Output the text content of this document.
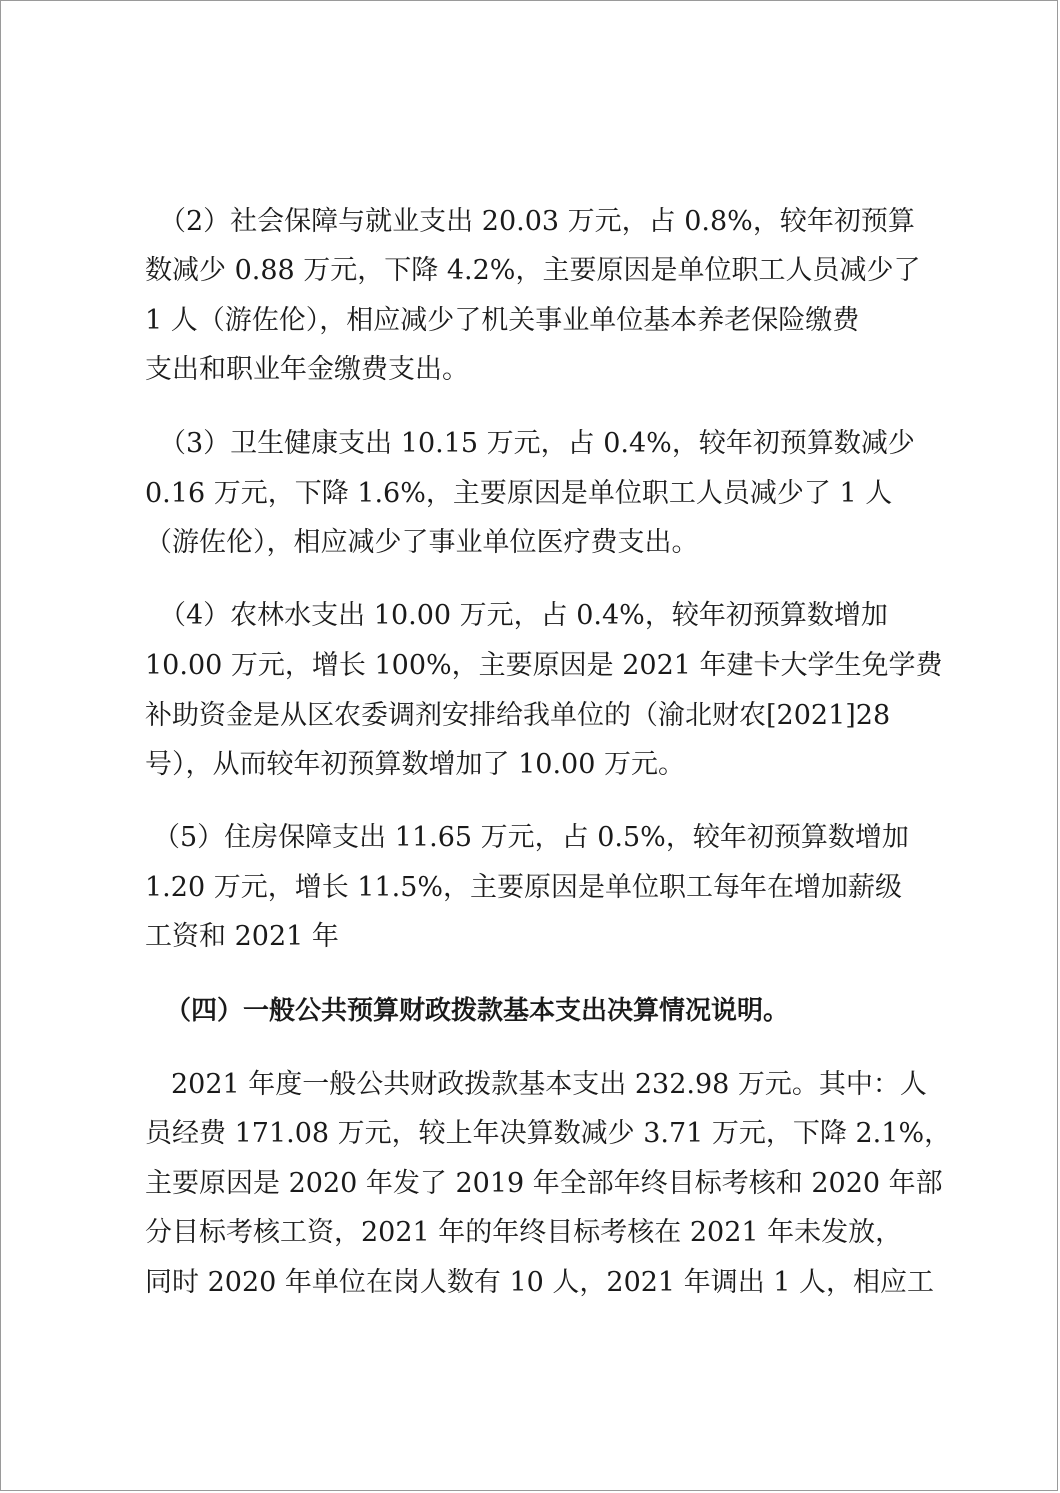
（2）社会保障与就业支出 20.03 万元，占 0.8%，较年初预算
数减少 0.88 万元，下降 4.2%，主要原因是单位职工人员减少了
1 人（游佐伦），相应减少了机关事业单位基本养老保险缴费
支出和职业年金缴费支出。
（3）卫生健康支出 10.15 万元，占 0.4%，较年初预算数减少
0.16 万元，下降 1.6%，主要原因是单位职工人员减少了 1 人
（游佐伦），相应减少了事业单位医疗费支出。
（4）农林水支出 10.00 万元，占 0.4%，较年初预算数增加
10.00 万元，增长 100%，主要原因是 2021 年建卡大学生免学费
补助资金是从区农委调剂安排给我单位的（渝北财农[2021]28
号），从而较年初预算数增加了 10.00 万元。
（5）住房保障支出 11.65 万元，占 0.5%，较年初预算数增加
1.20 万元，增长 11.5%，主要原因是单位职工每年在增加薪级
工资和 2021 年
（四）一般公共预算财政拨款基本支出决算情况说明。
2021 年度一般公共财政拨款基本支出 232.98 万元。其中：人
员经费 171.08 万元，较上年决算数减少 3.71 万元，下降 2.1%，
主要原因是 2020 年发了 2019 年全部年终目标考核和 2020 年部
分目标考核工资，2021 年的年终目标考核在 2021 年未发放，
同时 2020 年单位在岗人数有 10 人，2021 年调出 1 人，相应工
